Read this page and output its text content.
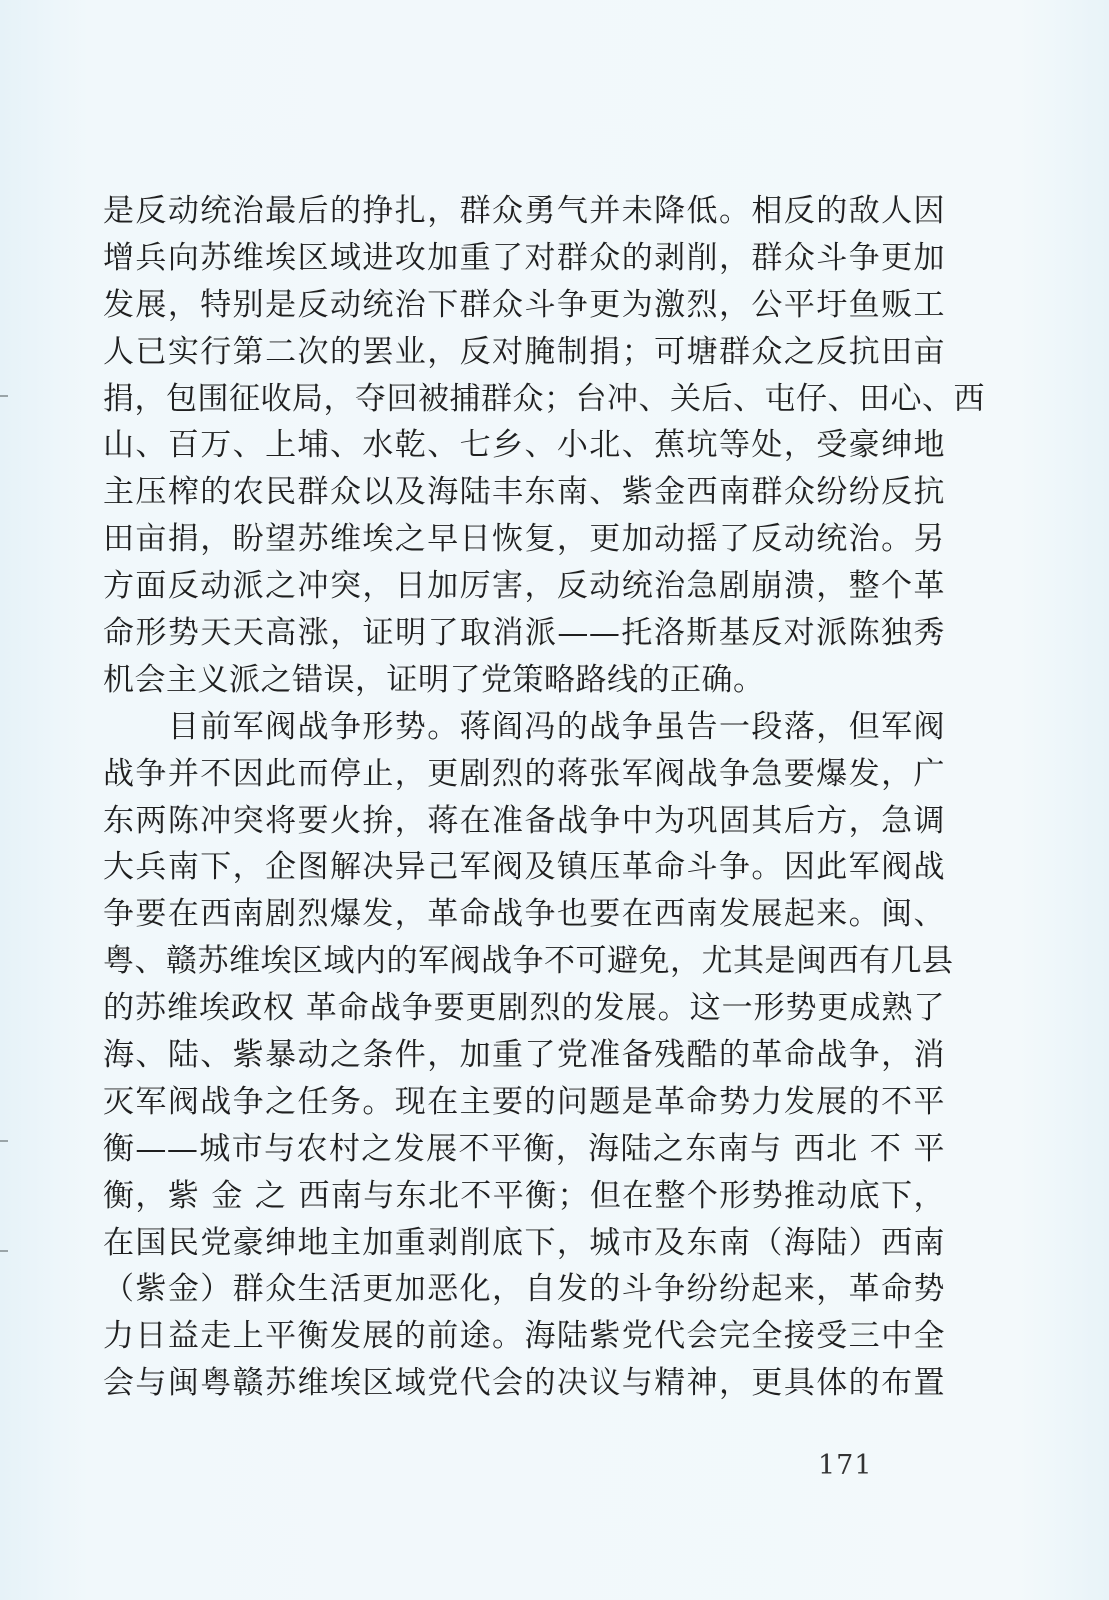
是反动统治最后的挣扎，群众勇气并未降低。相反的敌人因
增兵向苏维埃区域进攻加重了对群众的剥削，群众斗争更加
发展，特别是反动统治下群众斗争更为激烈，公平圩鱼贩工
人已实行第二次的罢业，反对腌制捐；可塘群众之反抗田亩
捐，包围征收局，夺回被捕群众；台冲、关后、屯仔、田心、西
山、百万、上埔、水乾、七乡、小北、蕉坑等处，受豪绅地
主压榨的农民群众以及海陆丰东南、紫金西南群众纷纷反抗
田亩捐，盼望苏维埃之早日恢复，更加动摇了反动统治。另
方面反动派之冲突，日加厉害，反动统治急剧崩溃，整个革
命形势天天高涨，证明了取消派——托洛斯基反对派陈独秀
机会主义派之错误，证明了党策略路线的正确。
　　目前军阀战争形势。蒋阎冯的战争虽告一段落，但军阀
战争并不因此而停止，更剧烈的蒋张军阀战争急要爆发，广
东两陈冲突将要火拚，蒋在准备战争中为巩固其后方，急调
大兵南下，企图解决异己军阀及镇压革命斗争。因此军阀战
争要在西南剧烈爆发，革命战争也要在西南发展起来。闽、
粤、赣苏维埃区域内的军阀战争不可避免，尤其是闽西有几县
的苏维埃政权 革命战争要更剧烈的发展。这一形势更成熟了
海、陆、紫暴动之条件，加重了党准备残酷的革命战争，消
灭军阀战争之任务。现在主要的问题是革命势力发展的不平
衡——城市与农村之发展不平衡，海陆之东南与 西北 不 平
衡，紫 金 之 西南与东北不平衡；但在整个形势推动底下，
在国民党豪绅地主加重剥削底下，城市及东南（海陆）西南
（紫金）群众生活更加恶化，自发的斗争纷纷起来，革命势
力日益走上平衡发展的前途。海陆紫党代会完全接受三中全
会与闽粤赣苏维埃区域党代会的决议与精神，更具体的布置
171
